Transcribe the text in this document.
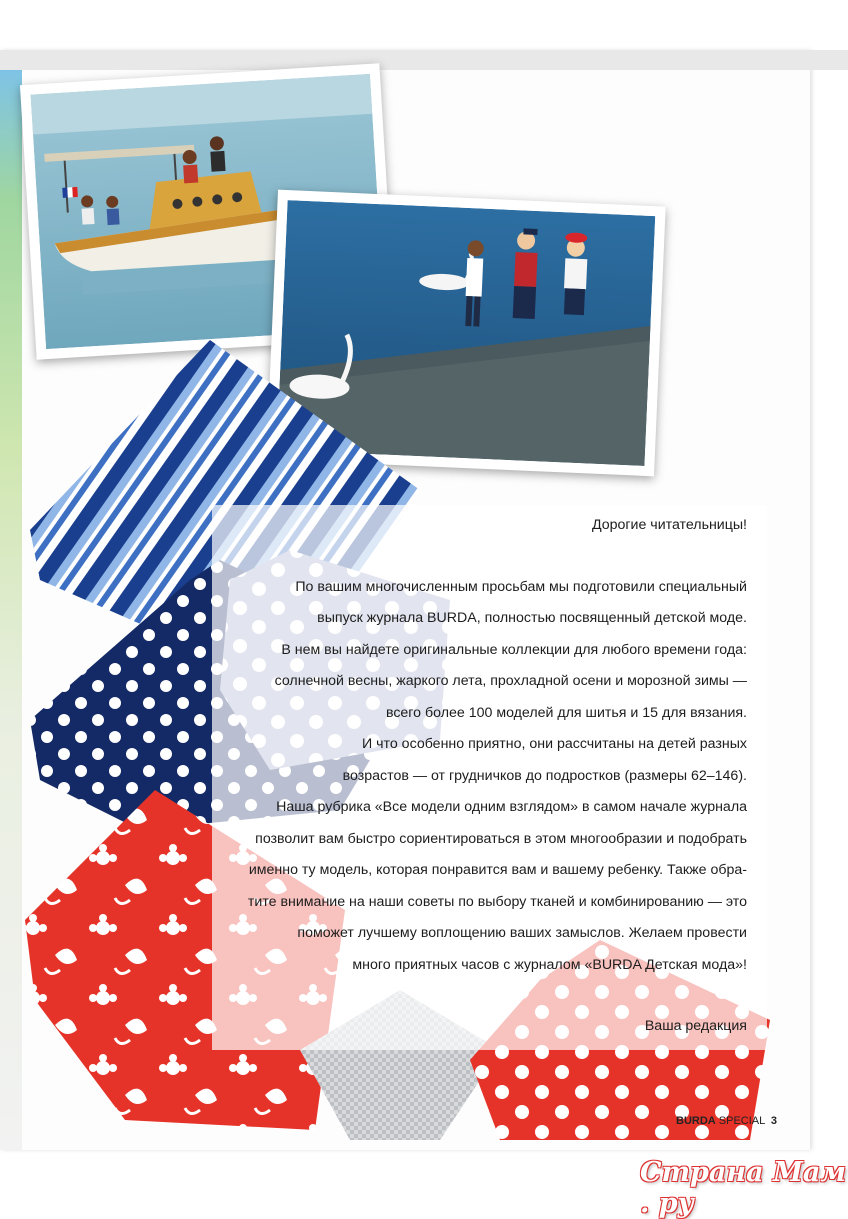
Дорогие читательницы!

По вашим многочисленным просьбам мы подготовили специальный

выпуск журнала BURDA, полностью посвященный детской моде.

В нем вы найдете оригинальные коллекции для любого времени года:

солнечной весны, жаркого лета, прохладной осени и морозной зимы —

всего более 100 моделей для шитья и 15 для вязания.

И что особенно приятно, они рассчитаны на детей разных

возрастов — от грудничков до подростков (размеры 62–146).

Наша рубрика «Все модели одним взглядом» в самом начале журнала

позволит вам быстро сориентироваться в этом многообразии и подобрать

именно ту модель, которая понравится вам и вашему ребенку. Также обра-

тите внимание на наши советы по выбору тканей и комбинированию — это

поможет лучшему воплощению ваших замыслов. Желаем провести

много приятных часов с журналом «BURDA Детская мода»!

Ваша редакция

BURDA SPECIAL 3
Страна Мам . ру
